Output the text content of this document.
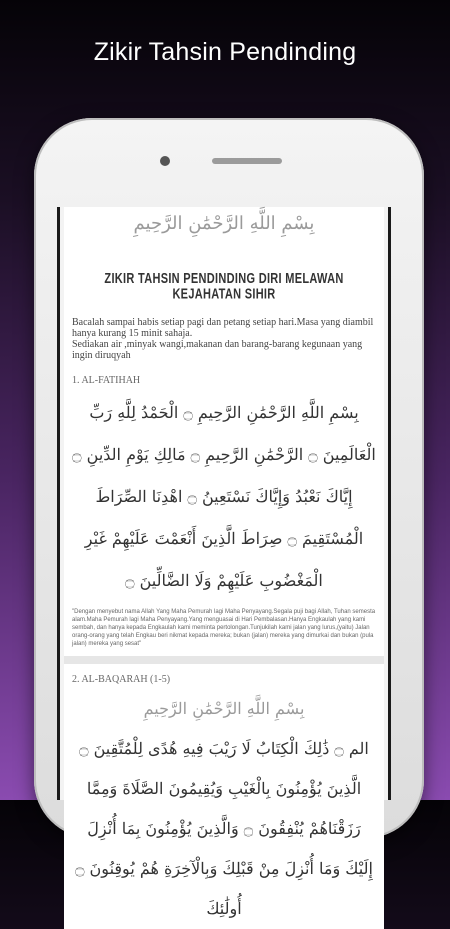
Zikir Tahsin Pendinding
بِسْمِ اللَّهِ الرَّحْمَٰنِ الرَّحِيمِ
ZIKIR TAHSIN PENDINDING DIRI MELAWAN KEJAHATAN SIHIR
Bacalah sampai habis setiap pagi dan petang setiap hari.Masa yang diambil hanya kurang 15 minit sahaja.
Sediakan air ,minyak wangi,makanan dan barang-barang kegunaan yang ingin diruqyah
1. AL-FATIHAH
بِسْمِ اللَّهِ الرَّحْمَٰنِ الرَّحِيمِ ۝ الْحَمْدُ لِلَّهِ رَبِّ الْعَالَمِينَ ۝ الرَّحْمَٰنِ الرَّحِيمِ ۝ مَالِكِ يَوْمِ الدِّينِ ۝ إِيَّاكَ نَعْبُدُ وَإِيَّاكَ نَسْتَعِينُ ۝ اهْدِنَا الصِّرَاطَ الْمُسْتَقِيمَ ۝ صِرَاطَ الَّذِينَ أَنْعَمْتَ عَلَيْهِمْ غَيْرِ الْمَغْضُوبِ عَلَيْهِمْ وَلَا الضَّالِّينَ ۝
"Dengan menyebut nama Allah Yang Maha Pemurah lagi Maha Penyayang.Segala puji bagi Allah, Tuhan semesta alam.Maha Pemurah lagi Maha Penyayang.Yang menguasai di Hari Pembalasan.Hanya Engkaulah yang kami sembah, dan hanya kepada Engkaulah kami meminta pertolongan.Tunjukilah kami jalan yang lurus,(yaitu) Jalan orang-orang yang telah Engkau beri nikmat kepada mereka; bukan (jalan) mereka yang dimurkai dan bukan (pula jalan) mereka yang sesat"
2. AL-BAQARAH (1-5)
بِسْمِ اللَّهِ الرَّحْمَٰنِ الرَّحِيمِ
الم ۝ ذَٰلِكَ الْكِتَابُ لَا رَيْبَ فِيهِ هُدًى لِلْمُتَّقِينَ ۝ الَّذِينَ يُؤْمِنُونَ بِالْغَيْبِ وَيُقِيمُونَ الصَّلَاةَ وَمِمَّا رَزَقْنَاهُمْ يُنْفِقُونَ ۝ وَالَّذِينَ يُؤْمِنُونَ بِمَا أُنْزِلَ إِلَيْكَ وَمَا أُنْزِلَ مِنْ قَبْلِكَ وَبِالْآخِرَةِ هُمْ يُوقِنُونَ ۝ أُولَٰئِكَ
